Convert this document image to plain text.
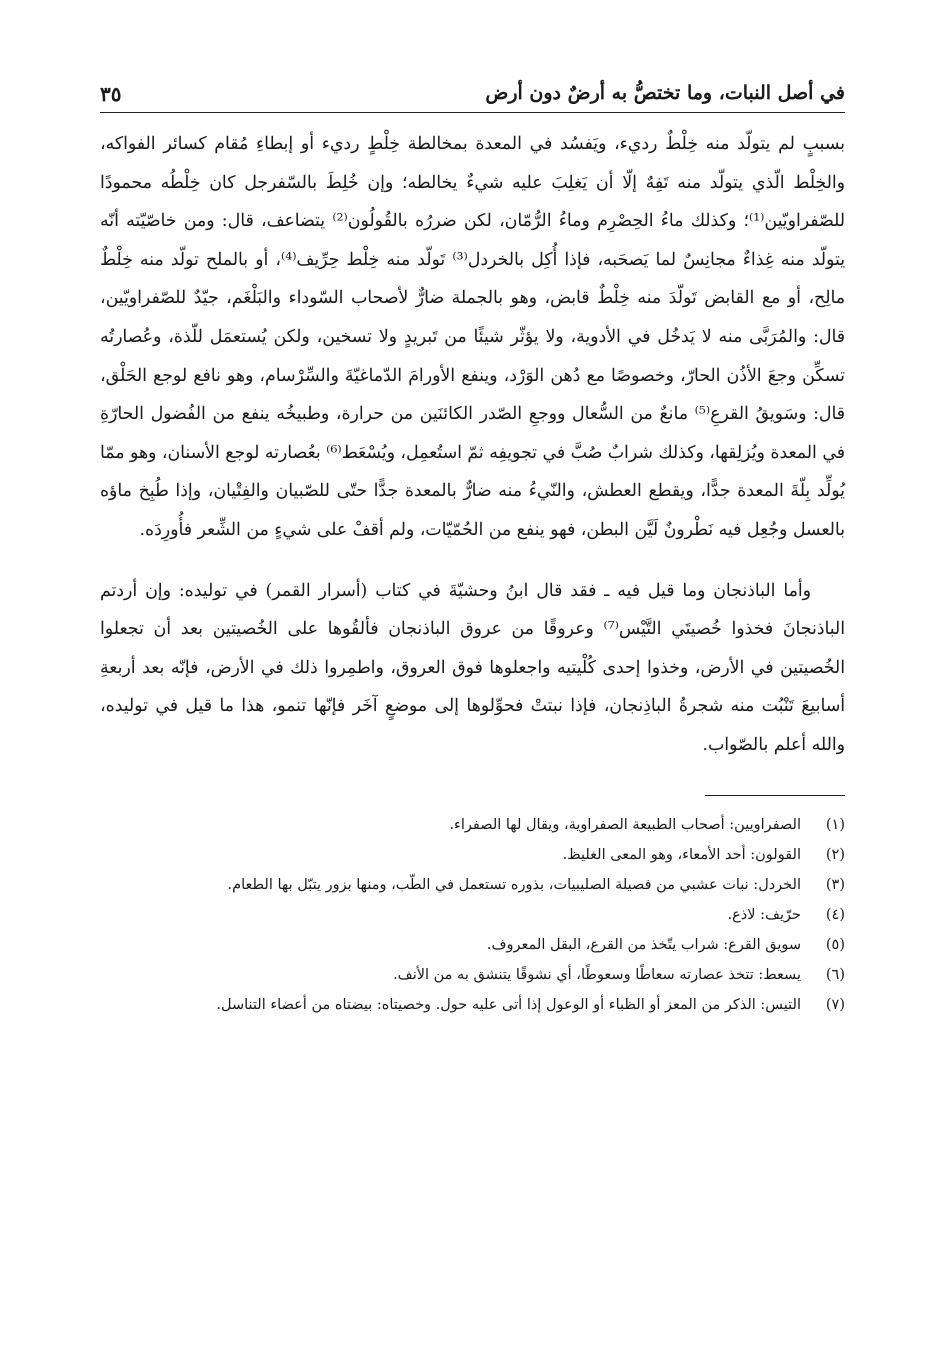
في أصل النبات، وما تختصُّ به أرضٌ دون أرض
٣٥

بسببٍ لم يتولّد منه خِلْطٌ رديء، ويَفسُد في المعدة بمخالطة خِلْطٍ رديء أو إبطاءِ مُقام كسائر الفواكه، والخِلْط الّذي يتولّد منه تَفِهٌ إلّا أن يَغلِبَ عليه شيءٌ يخالطه؛ وإن خُلِطَ بالسّفرجل كان خِلْطُه محمودًا للصّفراويّين⁽¹⁾؛ وكذلك ماءُ الحِصْرِم وماءُ الرُّمّان، لكن ضررُه بالقُولُون⁽²⁾ يتضاعف، قال: ومن خاصّيّته أنّه يتولّد منه غِذاءٌ مجانِسٌ لما يَصحَبه، فإذا أُكِل بالخردل⁽³⁾ تَولّد منه خِلْط حِرِّيف⁽⁴⁾، أو بالملح تولّد منه خِلْطٌ مالِح، أو مع القابض تَولّدَ منه خِلْطٌ قابض، وهو بالجملة ضارٌّ لأصحاب السّوداء والبَلْغَم، جيّدٌ للصّفراويّين، قال: والمُرَبَّى منه لا يَدخُل في الأدوية، ولا يؤثّر شيئًا من تَبريدٍ ولا تسخين، ولكن يُستعمَل للّذة، وعُصارتُه تسكِّن وجعَ الأذُن الحارّ، وخصوصًا مع دُهن الوَرْد، وينفع الأورامَ الدّماغيّةَ والسِّرْسام، وهو نافع لوجع الحَلْق، قال: وسَويقُ القرعِ⁽⁵⁾ مانعٌ من السُّعال ووجعِ الصّدر الكائنَين من حرارة، وطبيخُه ينفع من الفُضول الحارّةِ في المعدة ويُزلِقها، وكذلك شرابٌ صُبَّ في تجويفِه ثمّ استُعمِل، ويُسْعَط⁽⁶⁾ بعُصارته لوجع الأسنان، وهو ممّا يُولِّد بِلّةَ المعدة جدًّا، ويقطع العطش، والنّيءُ منه ضارٌّ بالمعدة جدًّا حتّى للصّبيان والفِتْيان، وإذا طُبِخ ماؤه بالعسل وجُعِل فيه نَطْرونٌ لَيَّن البطن، فهو ينفع من الحُمّيّات، ولم أقفْ على شيءٍ من الشِّعر فأُورِدَه.

وأما الباذنجان وما قيل فيه ـ فقد قال ابنُ وحشيّةَ في كتاب (أسرار القمر) في توليده: وإن أردتم الباذنجانَ فخذوا خُصيتَي التَّيْس⁽⁷⁾ وعروقًا من عروق الباذنجان فألقُوها على الخُصيتين بعد أن تجعلوا الخُصيتين في الأرض، وخذوا إحدى كُلْيتيه واجعلوها فوق العروق، واطمِروا ذلك في الأرض، فإنّه بعد أربعةِ أسابيعَ تَنْبُت منه شجرةُ الباذِنجان، فإذا نبتتْ فحوِّلوها إلى موضعٍ آخَر فإنّها تنمو، هذا ما قيل في توليده، والله أعلم بالصّواب.

(١)
الصفراويين: أصحاب الطبيعة الصفراوية، ويقال لها الصفراء.
(٢)
القولون: أحد الأمعاء، وهو المعى الغليظ.
(٣)
الخردل: نبات عشبي من فصيلة الصليبيات، بذوره تستعمل في الطّب، ومنها بزور يتبّل بها الطعام.
(٤)
حرّيف: لاذع.
(٥)
سويق القرع: شراب يتّخذ من القرع، البقل المعروف.
(٦)
يسعط: تتخذ عصارته سعاطًا وسعوطًا، أي نشوقًا يتنشق به من الأنف.
(٧)
التيس: الذكر من المعز أو الظباء أو الوعول إذا أتى عليه حول. وخصيتاه: بيضتاه من أعضاء التناسل.
